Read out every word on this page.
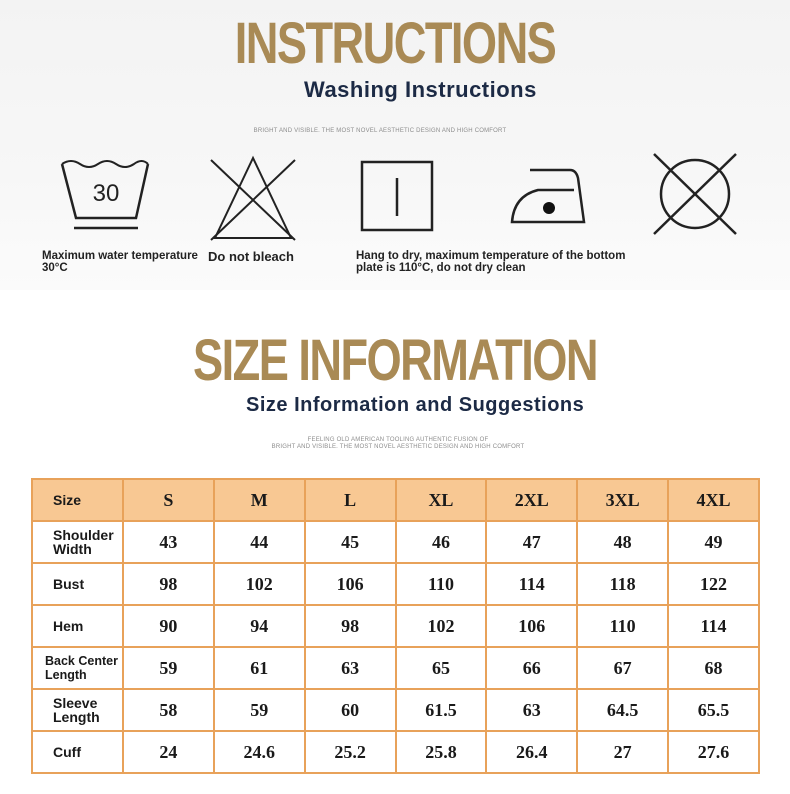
INSTRUCTIONS
Washing Instructions
BRIGHT AND VISIBLE. THE MOST NOVEL AESTHETIC DESIGN AND HIGH COMFORT
30
Maximum water temperature 30°C
Do not bleach	Hang to dry, maximum temperature of the bottom plate is 110°C, do not dry clean
SIZE INFORMATION
Size Information and Suggestions
FEELING OLD AMERICAN TOOLING AUTHENTIC FUSION OF
BRIGHT AND VISIBLE. THE MOST NOVEL AESTHETIC DESIGN AND HIGH COMFORT
Size	S	M	L	XL	2XL	3XL	4XL
Shoulder Width	43	44	45	46	47	48	49
Bust	98	102	106	110	114	118	122
Hem	90	94	98	102	106	110	114
Back Center Length	59	61	63	65	66	67	68
Sleeve Length	58	59	60	61.5	63	64.5	65.5
Cuff	24	24.6	25.2	25.8	26.4	27	27.6
